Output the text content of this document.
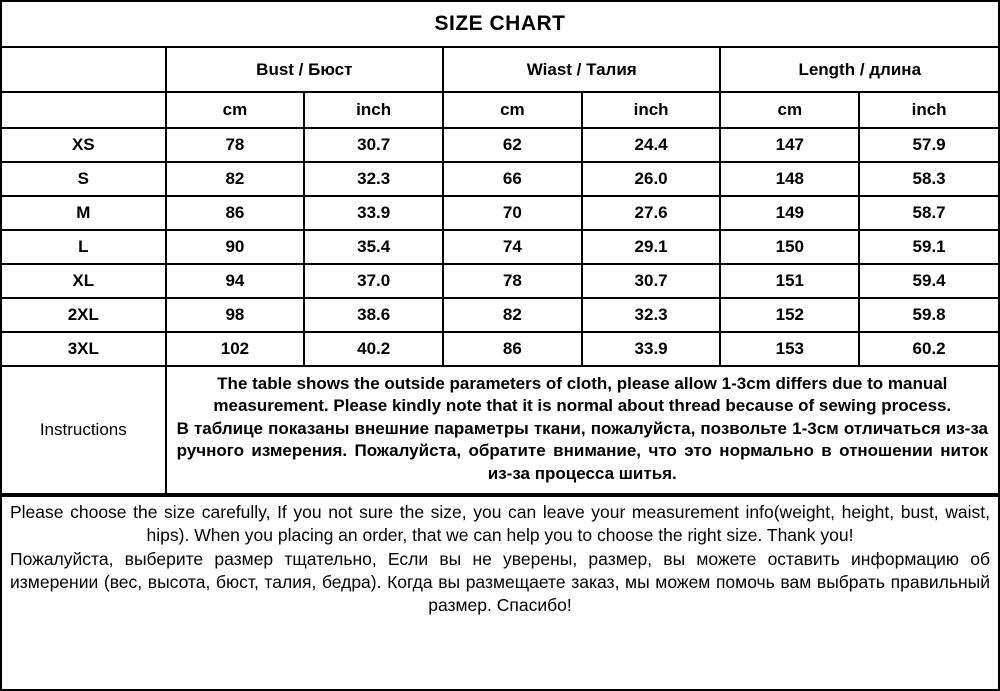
SIZE CHART
	Bust / Бюст		Wiast / Талия		Length / длина	
	cm	inch	cm	inch	cm	inch
XS	78	30.7	62	24.4	147	57.9
S	82	32.3	66	26.0	148	58.3
M	86	33.9	70	27.6	149	58.7
L	90	35.4	74	29.1	150	59.1
XL	94	37.0	78	30.7	151	59.4
2XL	98	38.6	82	32.3	152	59.8
3XL	102	40.2	86	33.9	153	60.2
Instructions	The table shows the outside parameters of cloth, please allow 1-3cm differs due to manual measurement. Please kindly note that it is normal about thread because of sewing process.
В таблице показаны внешние параметры ткани, пожалуйста, позвольте 1-3см отличаться из-за ручного измерения. Пожалуйста, обратите внимание, что это нормально в отношении ниток из-за процесса шитья.					
Please choose the size carefully, If you not sure the size, you can leave your measurement info(weight, height, bust, waist, hips). When you placing an order, that we can help you to choose the right size. Thank you!
Пожалуйста, выберите размер тщательно, Если вы не уверены, размер, вы можете оставить информацию об измерении (вес, высота, бюст, талия, бедра). Когда вы размещаете заказ, мы можем помочь вам выбрать правильный размер. Спасибо!
